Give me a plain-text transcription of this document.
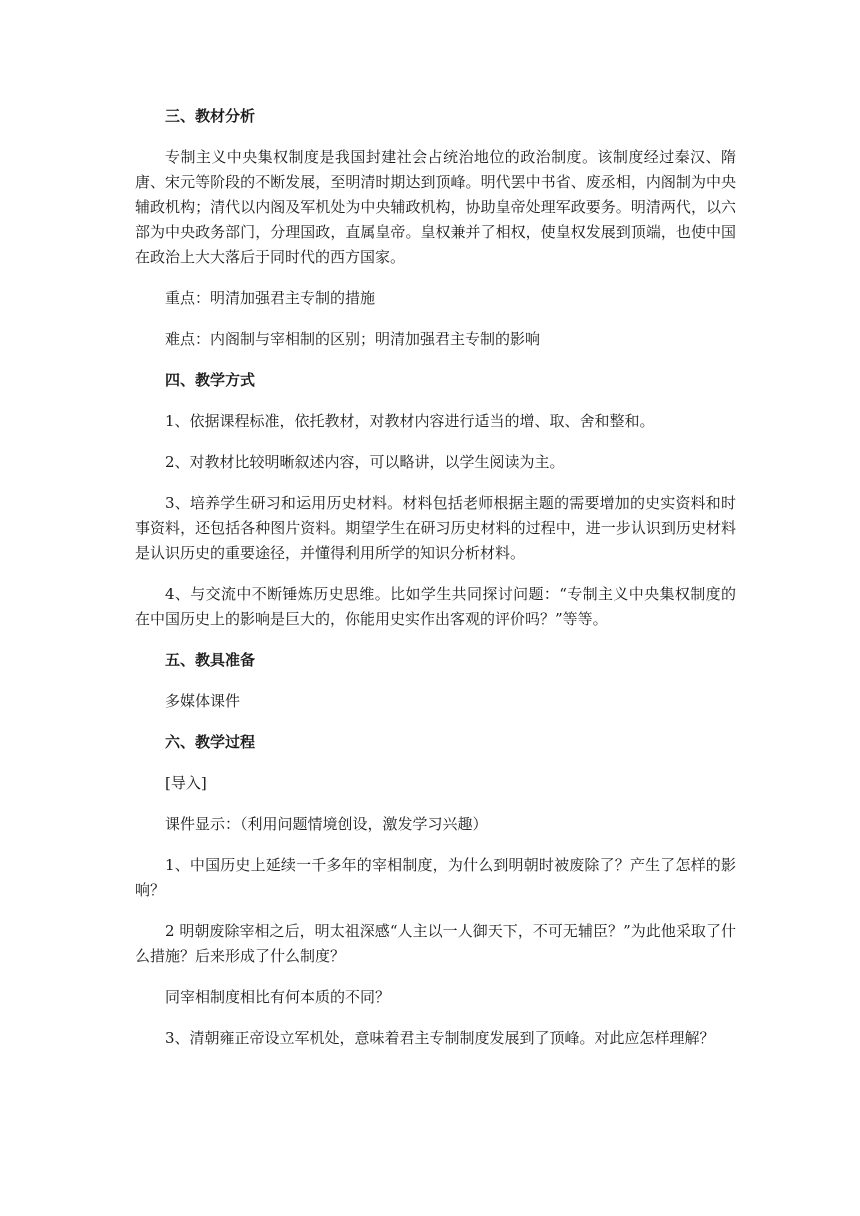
三、教材分析

专制主义中央集权制度是我国封建社会占统治地位的政治制度。该制度经过秦汉、隋唐、宋元等阶段的不断发展，至明清时期达到顶峰。明代罢中书省、废丞相，内阁制为中央辅政机构；清代以内阁及军机处为中央辅政机构，协助皇帝处理军政要务。明清两代，以六部为中央政务部门，分理国政，直属皇帝。皇权兼并了相权，使皇权发展到顶端，也使中国在政治上大大落后于同时代的西方国家。

重点：明清加强君主专制的措施

难点：内阁制与宰相制的区别；明清加强君主专制的影响

四、教学方式

1、依据课程标准，依托教材，对教材内容进行适当的增、取、舍和整和。

2、对教材比较明晰叙述内容，可以略讲，以学生阅读为主。

3、培养学生研习和运用历史材料。材料包括老师根据主题的需要增加的史实资料和时事资料，还包括各种图片资料。期望学生在研习历史材料的过程中，进一步认识到历史材料是认识历史的重要途径，并懂得利用所学的知识分析材料。

4、与交流中不断锤炼历史思维。比如学生共同探讨问题：“专制主义中央集权制度的在中国历史上的影响是巨大的，你能用史实作出客观的评价吗？”等等。

五、教具准备

多媒体课件

六、教学过程

[导入]

课件显示：（利用问题情境创设，激发学习兴趣）

1、中国历史上延续一千多年的宰相制度，为什么到明朝时被废除了？产生了怎样的影响？

2 明朝废除宰相之后，明太祖深感“人主以一人御天下，不可无辅臣？”为此他采取了什么措施？后来形成了什么制度？

同宰相制度相比有何本质的不同？

3、清朝雍正帝设立军机处，意味着君主专制制度发展到了顶峰。对此应怎样理解？
